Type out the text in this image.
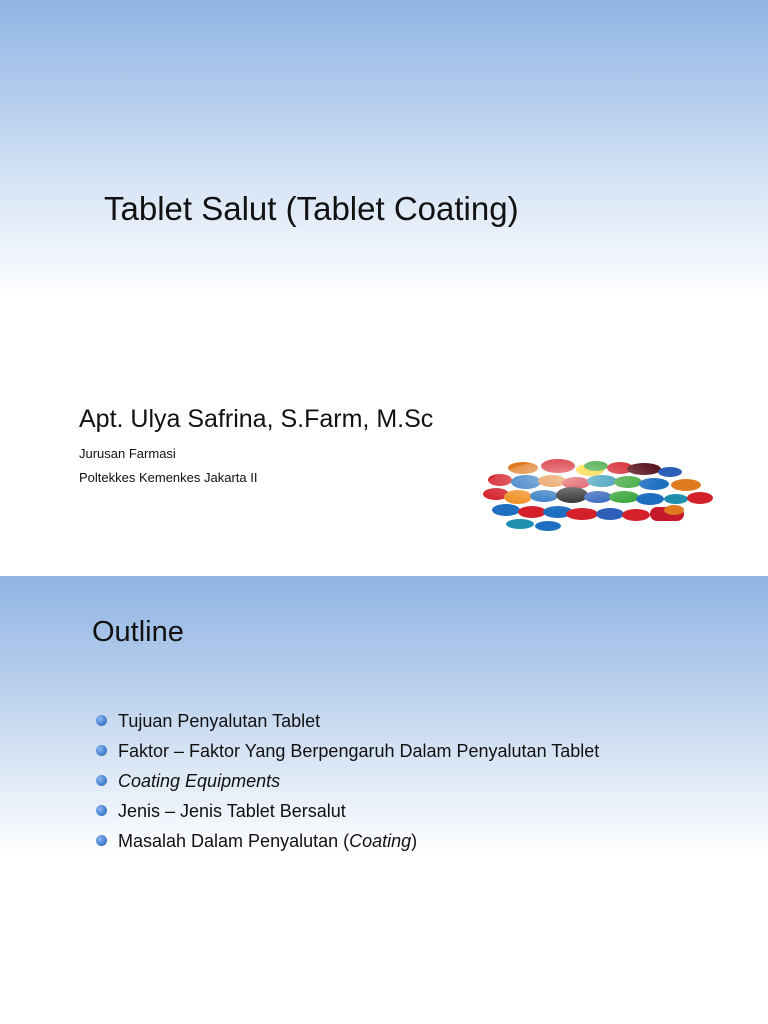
Tablet Salut (Tablet Coating)
Apt. Ulya Safrina, S.Farm, M.Sc
Jurusan Farmasi
Poltekkes Kemenkes Jakarta II
Outline
Tujuan Penyalutan Tablet
Faktor – Faktor Yang Berpengaruh Dalam Penyalutan Tablet
Coating Equipments
Jenis – Jenis Tablet Bersalut
Masalah Dalam Penyalutan (Coating)
